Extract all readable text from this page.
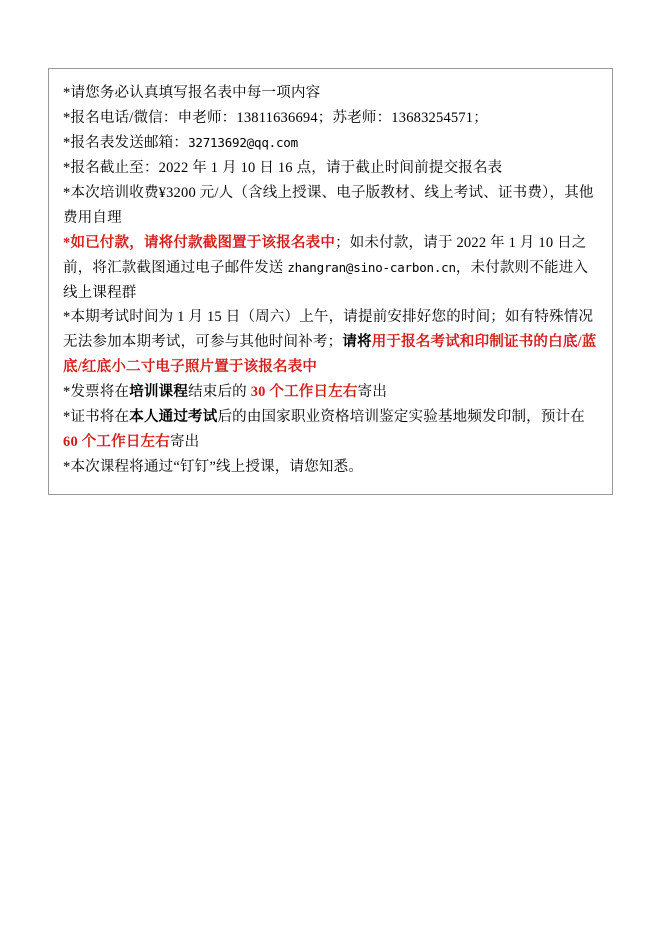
*请您务必认真填写报名表中每一项内容
*报名电话/微信：申老师：13811636694；苏老师：13683254571；
*报名表发送邮箱：32713692@qq.com
*报名截止至：2022 年 1 月 10 日 16 点，请于截止时间前提交报名表
*本次培训收费¥3200 元/人（含线上授课、电子版教材、线上考试、证书费），其他费用自理
*如已付款，请将付款截图置于该报名表中；如未付款，请于 2022 年 1 月 10 日之前，将汇款截图通过电子邮件发送 zhangran@sino-carbon.cn，未付款则不能进入线上课程群
*本期考试时间为 1 月 15 日（周六）上午，请提前安排好您的时间；如有特殊情况无法参加本期考试，可参与其他时间补考；请将用于报名考试和印制证书的白底/蓝底/红底小二寸电子照片置于该报名表中
*发票将在培训课程结束后的 30 个工作日左右寄出
*证书将在本人通过考试后的由国家职业资格培训鉴定实验基地频发印制，预计在 60 个工作日左右寄出
*本次课程将通过“钉钉”线上授课，请您知悉。
